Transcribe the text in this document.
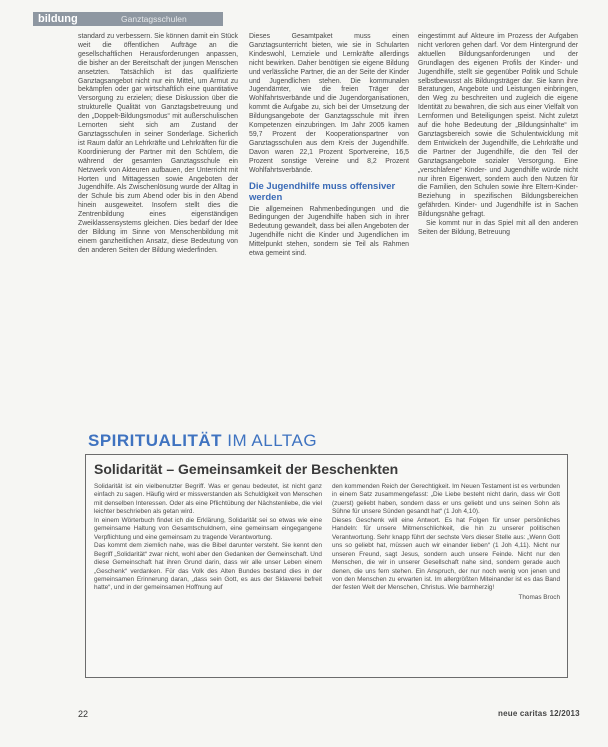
bildung	Ganztagsschulen

standard zu verbessern. Sie können damit ein Stück weit die öffentlichen Aufträge an die gesellschaftlichen Herausforderungen anpassen, die bisher an der Bereitschaft der jungen Menschen ansetzten. Tatsächlich ist das qualifizierte Ganztagsangebot nicht nur ein Mittel, um Armut zu bekämpfen oder gar wirtschaftlich eine quantitative Versorgung zu erzielen; diese Diskussion über die strukturelle Qualität von Ganztagsbetreuung und den „Doppelt-Bildungsmodus“ mit außerschulischen Lernorten sieht sich am Zustand der Ganztagsschulen in seiner Sonderlage. Sicherlich ist Raum dafür an Lehrkräfte und Lehrkräften für die Koordinierung der Partner mit den Schülern, die während der gesamten Ganztagsschule ein Netzwerk von Akteuren aufbauen, der Unterricht mit Horten und Mittagessen sowie Angeboten der Jugendhilfe. Als Zwischenlösung wurde der Alltag in der Schule bis zum Abend oder bis in den Abend hinein ausgeweitet. Insofern stellt dies die Zentrenbildung eines eigenständigen Zweiklassensystems gleichen. Dies bedarf der Idee der Bildung im Sinne von Menschenbildung mit einem ganzheitlichen Ansatz, diese Bedeutung von den anderen Seiten der Bildung wiederfinden.

Dieses Gesamtpaket muss einen Ganztagsunterricht bieten, wie sie in Schularten Kindeswohl, Lernziele und Lernkräfte allerdings nicht bewirken. Daher benötigen sie eigene Bildung und verlässliche Partner, die an der Seite der Kinder und Jugendlichen stehen. Die kommunalen Jugendämter, wie die freien Träger der Wohlfahrtsverbände und die Jugendorganisationen, kommt die Aufgabe zu, sich bei der Umsetzung der Bildungsangebote der Ganztagsschule mit ihren Kompetenzen einzubringen. Im Jahr 2005 kamen 59,7 Prozent der Kooperationspartner von Ganztagsschulen aus dem Kreis der Jugendhilfe. Davon waren 22,1 Prozent Sportvereine, 16,5 Prozent sonstige Vereine und 8,2 Prozent Wohlfahrtsverbände.

Die Jugendhilfe muss offensiver werden

Die allgemeinen Rahmenbedingungen und die Bedingungen der Jugendhilfe haben sich in ihrer Bedeutung gewandelt, dass bei allen Angeboten der Jugendhilfe nicht die Kinder und Jugendlichen im Mittelpunkt stehen, sondern sie Teil als Rahmen etwa gemeint sind.

eingestimmt auf Akteure im Prozess der Aufgaben nicht verloren gehen darf. Vor dem Hintergrund der aktuellen Bildungsanforderungen und der Grundlagen des eigenen Profils der Kinder- und Jugendhilfe, stellt sie gegenüber Politik und Schule selbstbewusst als Bildungsträger dar. Sie kann ihre Beratungen, Angebote und Leistungen einbringen, den Weg zu beschreiten und zugleich die eigene Identität zu bewahren, die sich aus einer Vielfalt von Lernformen und Beteiligungen speist. Nicht zuletzt auf die hohe Bedeutung der „Bildungsinhalte“ im Ganztagsbereich sowie die Schulentwicklung mit dem Entwickeln der Jugendhilfe, die Lehrkräfte und die Partner der Jugendhilfe, die den Teil der Ganztagsangebote sozialer Versorgung. Eine „verschlafene“ Kinder- und Jugendhilfe würde nicht nur ihren Eigenwert, sondern auch den Nutzen für die Familien, den Schulen sowie ihre Eltern-Kinder-Beziehung in spezifischen Bildungsbereichen gefährden. Kinder- und Jugendhilfe ist in Sachen Bildungsnähe gefragt.

Sie kommt nur in das Spiel mit all den anderen Seiten der Bildung, Betreuung

SPIRITUALITÄT IM ALLTAG
Solidarität – Gemeinsamkeit der Beschenkten

Solidarität ist ein vielbenutzter Begriff. Was er genau bedeutet, ist nicht ganz einfach zu sagen. Häufig wird er missverstanden als Schuldigkeit von Menschen mit denselben Interessen. Oder als eine Pflichtübung der Nächstenliebe, die viel leichter beschrieben als getan wird.

In einem Wörterbuch findet ich die Erklärung, Solidarität sei so etwas wie eine gemeinsame Haltung von Gesamtschuldnern, eine gemeinsam eingegangene Verpflichtung und eine gemeinsam zu tragende Verantwortung.

Das kommt dem ziemlich nahe, was die Bibel darunter versteht. Sie kennt den Begriff „Solidarität“ zwar nicht, wohl aber den Gedanken der Gemeinschaft. Und diese Gemeinschaft hat ihren Grund darin, dass wir alle unser Leben einem „Geschenk“ verdanken. Für das Volk des Alten Bundes bestand dies in der gemeinsamen Erinnerung daran, „dass sein Gott, es aus der Sklaverei befreit hatte“, und in der gemeinsamen Hoffnung auf

den kommenden Reich der Gerechtigkeit. Im Neuen Testament ist es verbunden in einem Satz zusammengefasst: „Die Liebe besteht nicht darin, dass wir Gott (zuerst) geliebt haben, sondern dass er uns geliebt und uns seinen Sohn als Sühne für unsere Sünden gesandt hat“ (1 Joh 4,10).

Dieses Geschenk will eine Antwort. Es hat Folgen für unser persönliches Handeln: für unsere Mitmenschlichkeit, die hin zu unserer politischen Verantwortung. Sehr knapp führt der sechste Vers dieser Stelle aus: „Wenn Gott uns so geliebt hat, müssen auch wir einander lieben“ (1 Joh 4,11). Nicht nur unseren Freund, sagt Jesus, sondern auch unsere Feinde. Nicht nur den Menschen, die wir in unserer Gesellschaft nahe sind, sondern gerade auch denen, die uns fern stehen. Ein Anspruch, der nur noch wenig von jenen und von den Menschen zu erwarten ist. Im allergrößten Miteinander ist es das Band der festen Welt der Menschen, Christus. Wie barmherzig!

Thomas Broch

22	neue caritas 12/2013
